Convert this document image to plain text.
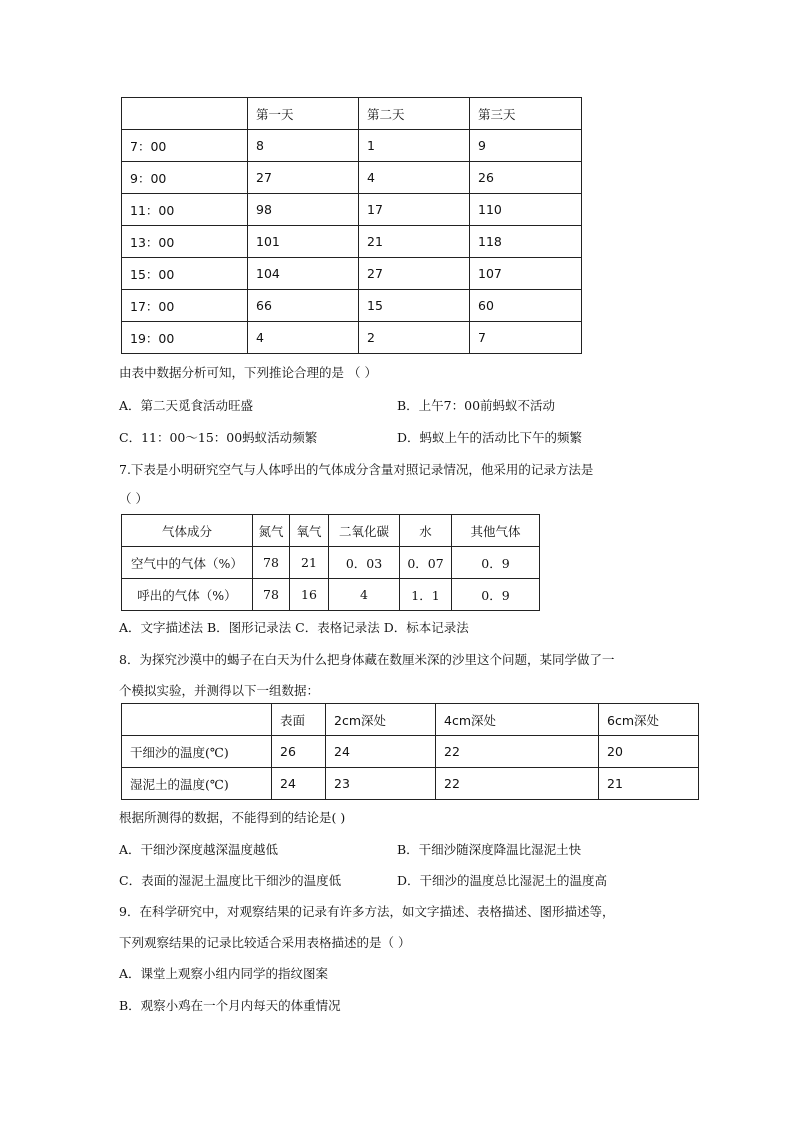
	第一天	第二天	第三天
7：00	8	1	9
9：00	27	4	26
11：00	98	17	110
13：00	101	21	118
15：00	104	27	107
17：00	66	15	60
19：00	4	2	7
由表中数据分析可知，下列推论合理的是 （ ）
A．第二天觅食活动旺盛	B．上午7：00前蚂蚁不活动
C．11：00～15：00蚂蚁活动频繁	D．蚂蚁上午的活动比下午的频繁
7.下表是小明研究空气与人体呼出的气体成分含量对照记录情况，他采用的记录方法是
（ ）
气体成分	氮气	氧气	二氧化碳	水	其他气体
空气中的气体（%）	78	21	0．03	0．07	0．9
呼出的气体（%）	78	16	4	1．1	0．9
A．文字描述法 B．图形记录法 C．表格记录法 D．标本记录法
8．为探究沙漠中的蝎子在白天为什么把身体藏在数厘米深的沙里这个问题，某同学做了一
个模拟实验，并测得以下一组数据：
	表面	2cm深处	4cm深处	6cm深处
干细沙的温度(℃)	26	24	22	20
湿泥土的温度(℃)	24	23	22	21
根据所测得的数据，不能得到的结论是( )
A．干细沙深度越深温度越低	B．干细沙随深度降温比湿泥土快
C．表面的湿泥土温度比干细沙的温度低	D．干细沙的温度总比湿泥土的温度高
9．在科学研究中，对观察结果的记录有许多方法，如文字描述、表格描述、图形描述等，
下列观察结果的记录比较适合采用表格描述的是（ ）
A．课堂上观察小组内同学的指纹图案
B．观察小鸡在一个月内每天的体重情况
